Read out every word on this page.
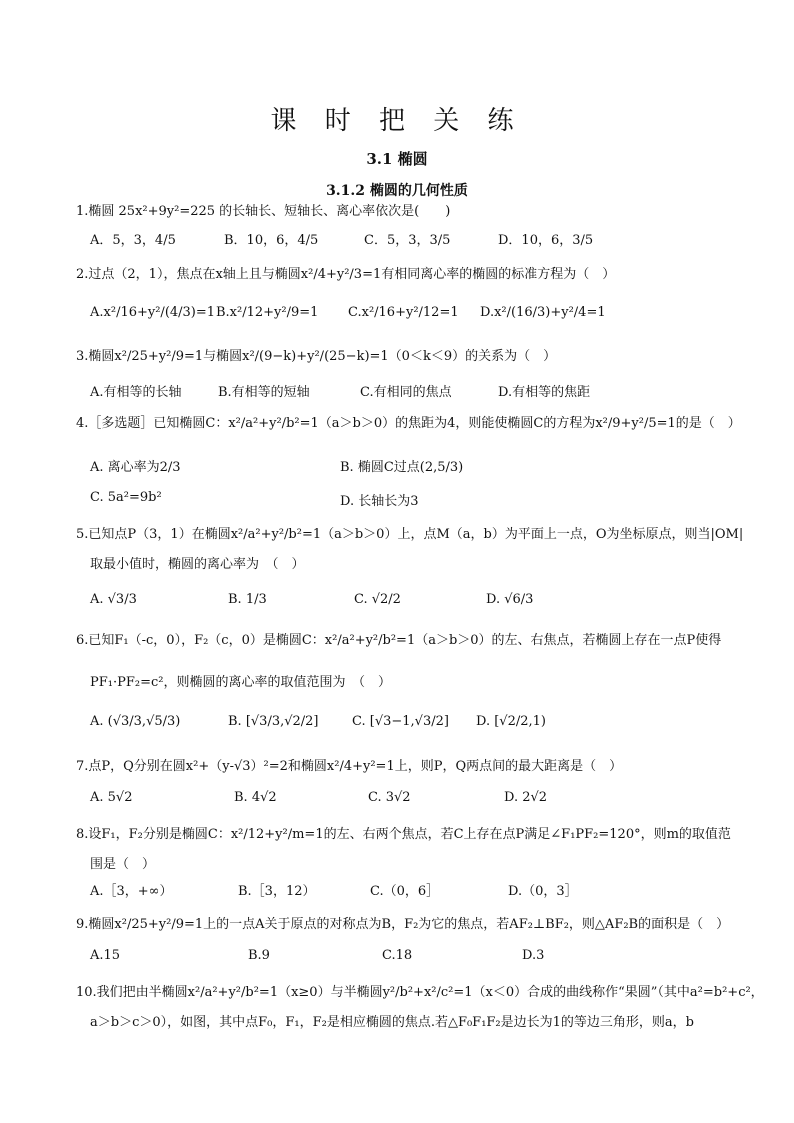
课 时 把 关 练
3.1 椭圆
3.1.2 椭圆的几何性质
1.椭圆 25x²+9y²=225 的长轴长、短轴长、离心率依次是(　　)
A．5，3，4/5	B．10，6，4/5	C．5，3，3/5	D．10，6，3/5
2.过点（2，1），焦点在x轴上且与椭圆x²/4+y²/3=1有相同离心率的椭圆的标准方程为（　）
A.x²/16+y²/(4/3)=1 B.x²/12+y²/9=1 C.x²/16+y²/12=1 D.x²/(16/3)+y²/4=1
3.椭圆x²/25+y²/9=1与椭圆x²/(9−k)+y²/(25−k)=1（0＜k＜9）的关系为（　）
A.有相等的长轴	B.有相等的短轴	C.有相同的焦点	D.有相等的焦距
4.［多选题］已知椭圆C：x²/a²+y²/b²=1（a＞b＞0）的焦距为4，则能使椭圆C的方程为x²/9+y²/5=1的是（　）
A. 离心率为2/3	B. 椭圆C过点(2,5/3)
C. 5a²=9b²	D. 长轴长为3
5.已知点P（3，1）在椭圆x²/a²+y²/b²=1（a＞b＞0）上，点M（a，b）为平面上一点，O为坐标原点，则当|OM|
取最小值时，椭圆的离心率为　（　）
A. √3/3	B. 1/3	C. √2/2	D. √6/3
6.已知F₁（-c，0），F₂（c，0）是椭圆C：x²/a²+y²/b²=1（a＞b＞0）的左、右焦点，若椭圆上存在一点P使得
PF₁·PF₂=c²，则椭圆的离心率的取值范围为　（　）
A. (√3/3,√5/3)	B. [√3/3,√2/2]	C. [√3−1,√3/2] D. [√2/2,1)
7.点P，Q分别在圆x²+（y-√3）²=2和椭圆x²/4+y²=1上，则P，Q两点间的最大距离是（　）
A. 5√2	B. 4√2	C. 3√2	D. 2√2
8.设F₁，F₂分别是椭圆C：x²/12+y²/m=1的左、右两个焦点，若C上存在点P满足∠F₁PF₂=120°，则m的取值范
围是（　）
A.［3，+∞）	B.［3，12）	C.（0，6］	D.（0，3］
9.椭圆x²/25+y²/9=1上的一点A关于原点的对称点为B，F₂为它的焦点，若AF₂⊥BF₂，则△AF₂B的面积是（　）
A.15	B.9	C.18	D.3
10.我们把由半椭圆x²/a²+y²/b²=1（x≥0）与半椭圆y²/b²+x²/c²=1（x＜0）合成的曲线称作“果圆”（其中a²=b²+c²，
a＞b＞c＞0），如图，其中点F₀，F₁，F₂是相应椭圆的焦点.若△F₀F₁F₂是边长为1的等边三角形，则a，b
